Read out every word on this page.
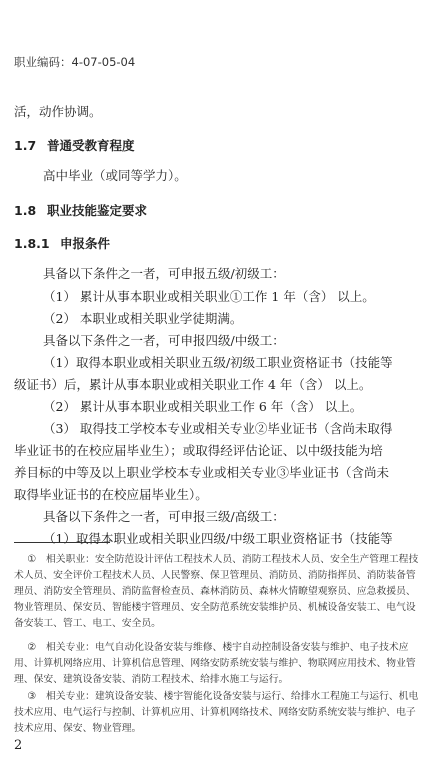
职业编码：4-07-05-04
活，动作协调。
1.7 普通受教育程度
高中毕业（或同等学力）。
1.8 职业技能鉴定要求
1.8.1 申报条件
具备以下条件之一者，可申报五级/初级工：
（1） 累计从事本职业或相关职业①工作 1 年（含） 以上。
（2） 本职业或相关职业学徒期满。
具备以下条件之一者，可申报四级/中级工：
（1）取得本职业或相关职业五级/初级工职业资格证书（技能等
级证书）后，累计从事本职业或相关职业工作 4 年（含） 以上。
（2） 累计从事本职业或相关职业工作 6 年（含） 以上。
（3） 取得技工学校本专业或相关专业②毕业证书（含尚未取得
毕业证书的在校应届毕业生）；或取得经评估论证、以中级技能为培
养目标的中等及以上职业学校本专业或相关专业③毕业证书（含尚未
取得毕业证书的在校应届毕业生）。
具备以下条件之一者，可申报三级/高级工：
（1）取得本职业或相关职业四级/中级工职业资格证书（技能等
① 相关职业：安全防范设计评估工程技术人员、消防工程技术人员、安全生产管理工程技术人员、安全评价工程技术人员、人民警察、保卫管理员、消防员、消防指挥员、消防装备管理员、消防安全管理员、消防监督检查员、森林消防员、森林火情瞭望观察员、应急救援员、物业管理员、保安员、智能楼宇管理员、安全防范系统安装维护员、机械设备安装工、电气设备安装工、管工、电工、安全员。
② 相关专业：电气自动化设备安装与维修、楼宇自动控制设备安装与维护、电子技术应用、计算机网络应用、计算机信息管理、网络安防系统安装与维护、物联网应用技术、物业管理、保安、建筑设备安装、消防工程技术、给排水施工与运行。
③ 相关专业：建筑设备安装、楼宇智能化设备安装与运行、给排水工程施工与运行、机电技术应用、电气运行与控制、计算机应用、计算机网络技术、网络安防系统安装与维护、电子技术应用、保安、物业管理。
2
